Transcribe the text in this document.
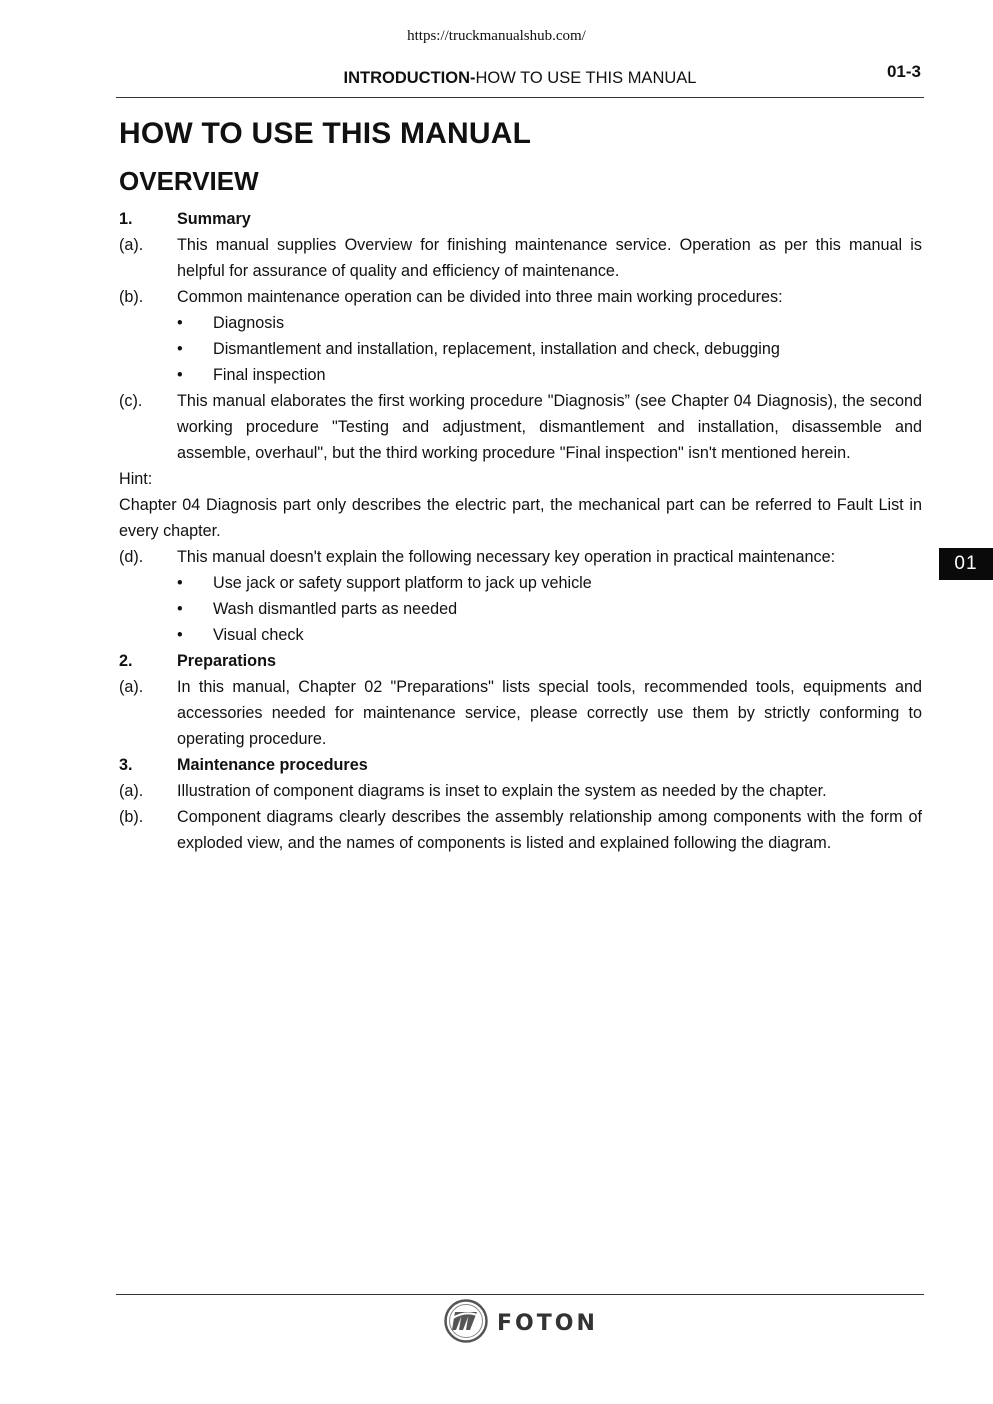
https://truckmanualshub.com/
INTRODUCTION-HOW TO USE THIS MANUAL	01-3
HOW TO USE THIS MANUAL
OVERVIEW
1.	Summary
(a).	This manual supplies Overview for finishing maintenance service. Operation as per this manual is helpful for assurance of quality and efficiency of maintenance.
(b).	Common maintenance operation can be divided into three main working procedures:
•	Diagnosis
•	Dismantlement and installation, replacement, installation and check, debugging
•	Final inspection
(c).	This manual elaborates the first working procedure "Diagnosis” (see Chapter 04 Diagnosis), the second working procedure "Testing and adjustment, dismantlement and installation, disassemble and assemble, overhaul", but the third working procedure "Final inspection" isn't mentioned herein.
Hint:
Chapter 04 Diagnosis part only describes the electric part, the mechanical part can be referred to Fault List in every chapter.
(d).	This manual doesn't explain the following necessary key operation in practical maintenance:
•	Use jack or safety support platform to jack up vehicle
•	Wash dismantled parts as needed
•	Visual check
2.	Preparations
(a).	In this manual, Chapter 02 "Preparations" lists special tools, recommended tools, equipments and accessories needed for maintenance service, please correctly use them by strictly conforming to operating procedure.
3.	Maintenance procedures
(a).	Illustration of component diagrams is inset to explain the system as needed by the chapter.
(b).	Component diagrams clearly describes the assembly relationship among components with the form of exploded view, and the names of components is listed and explained following the diagram.
01
FOTON
